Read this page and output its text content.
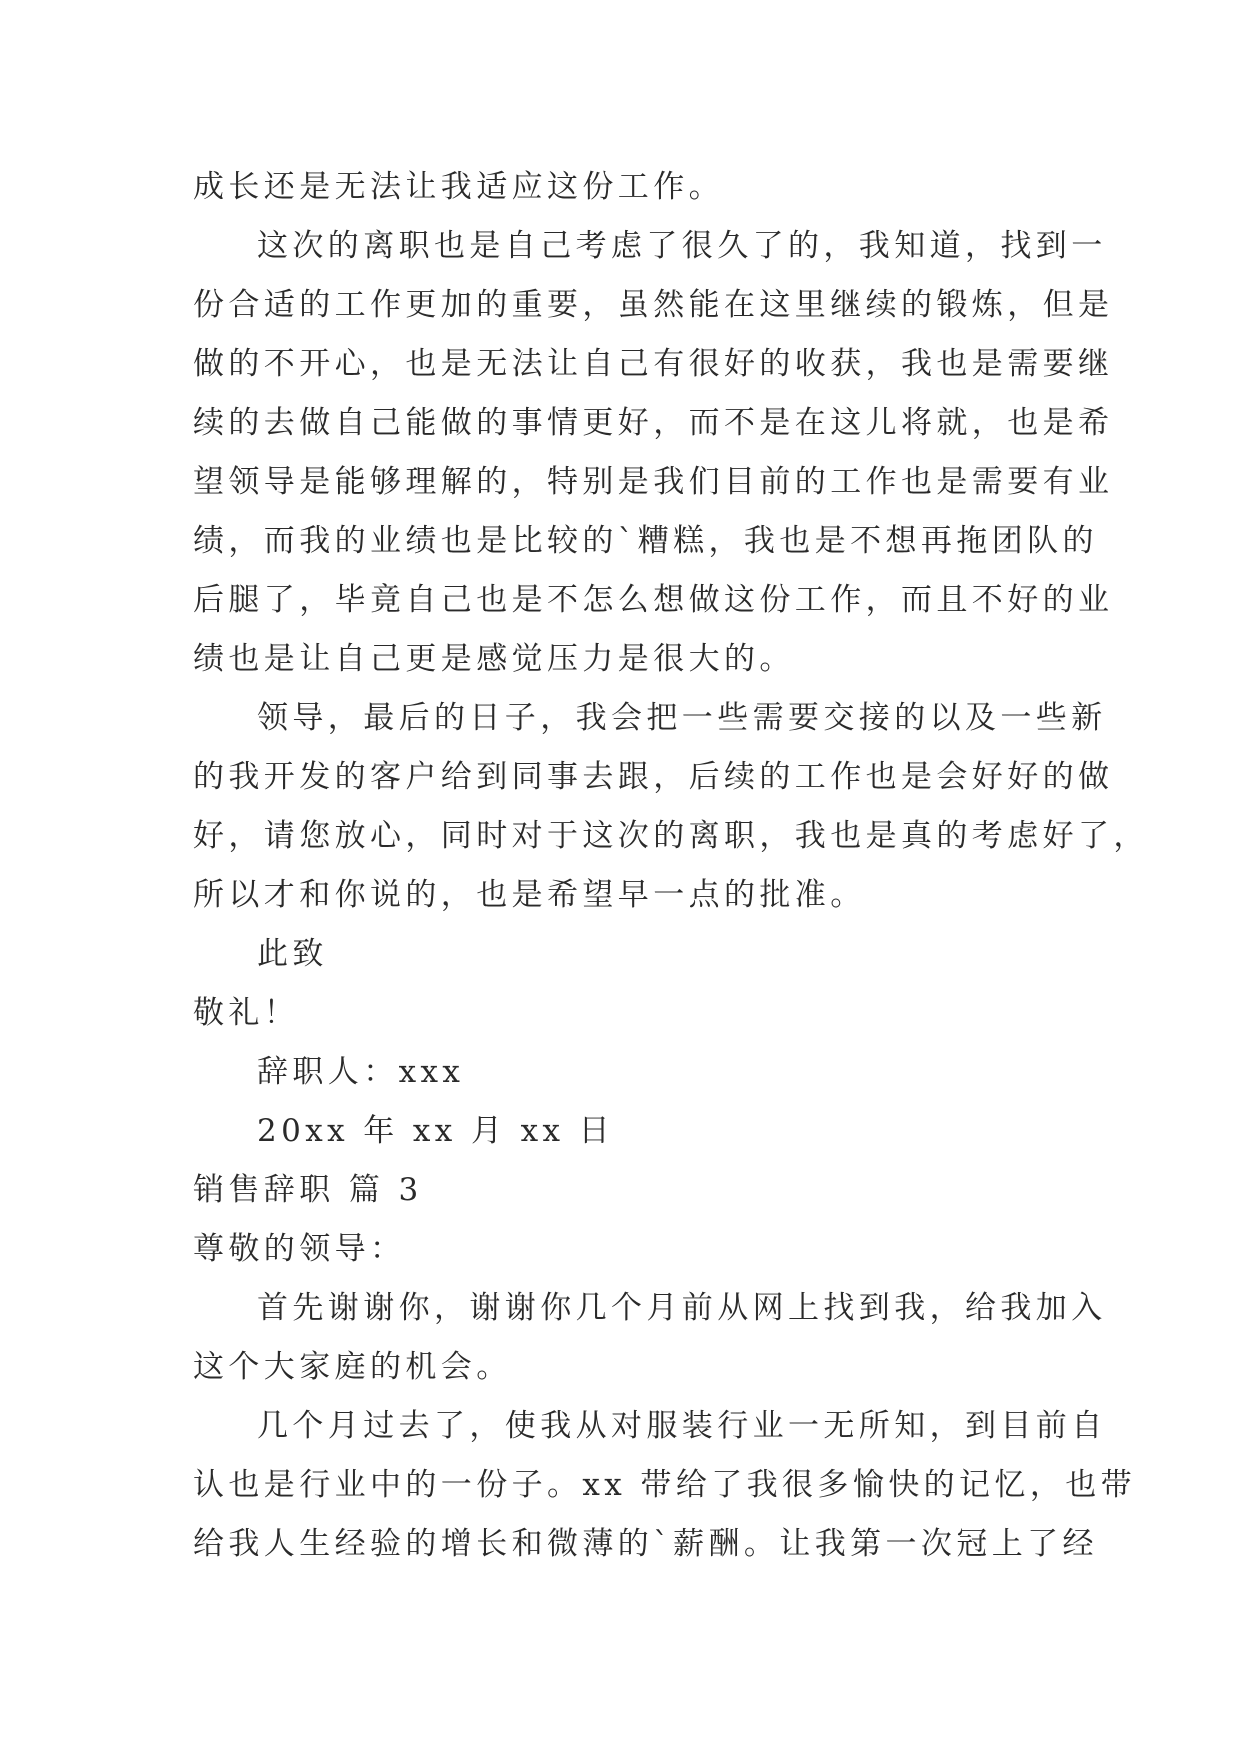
成长还是无法让我适应这份工作。
这次的离职也是自己考虑了很久了的，我知道，找到一
份合适的工作更加的重要，虽然能在这里继续的锻炼，但是
做的不开心，也是无法让自己有很好的收获，我也是需要继
续的去做自己能做的事情更好，而不是在这儿将就，也是希
望领导是能够理解的，特别是我们目前的工作也是需要有业
绩，而我的业绩也是比较的`糟糕，我也是不想再拖团队的
后腿了，毕竟自己也是不怎么想做这份工作，而且不好的业
绩也是让自己更是感觉压力是很大的。
领导，最后的日子，我会把一些需要交接的以及一些新
的我开发的客户给到同事去跟，后续的工作也是会好好的做
好，请您放心，同时对于这次的离职，我也是真的考虑好了，
所以才和你说的，也是希望早一点的批准。
此致
敬礼！
辞职人：xxx
20xx 年 xx 月 xx 日
销售辞职 篇 3
尊敬的领导：
首先谢谢你，谢谢你几个月前从网上找到我，给我加入
这个大家庭的机会。
几个月过去了，使我从对服装行业一无所知，到目前自
认也是行业中的一份子。xx 带给了我很多愉快的记忆，也带
给我人生经验的增长和微薄的`薪酬。让我第一次冠上了经
